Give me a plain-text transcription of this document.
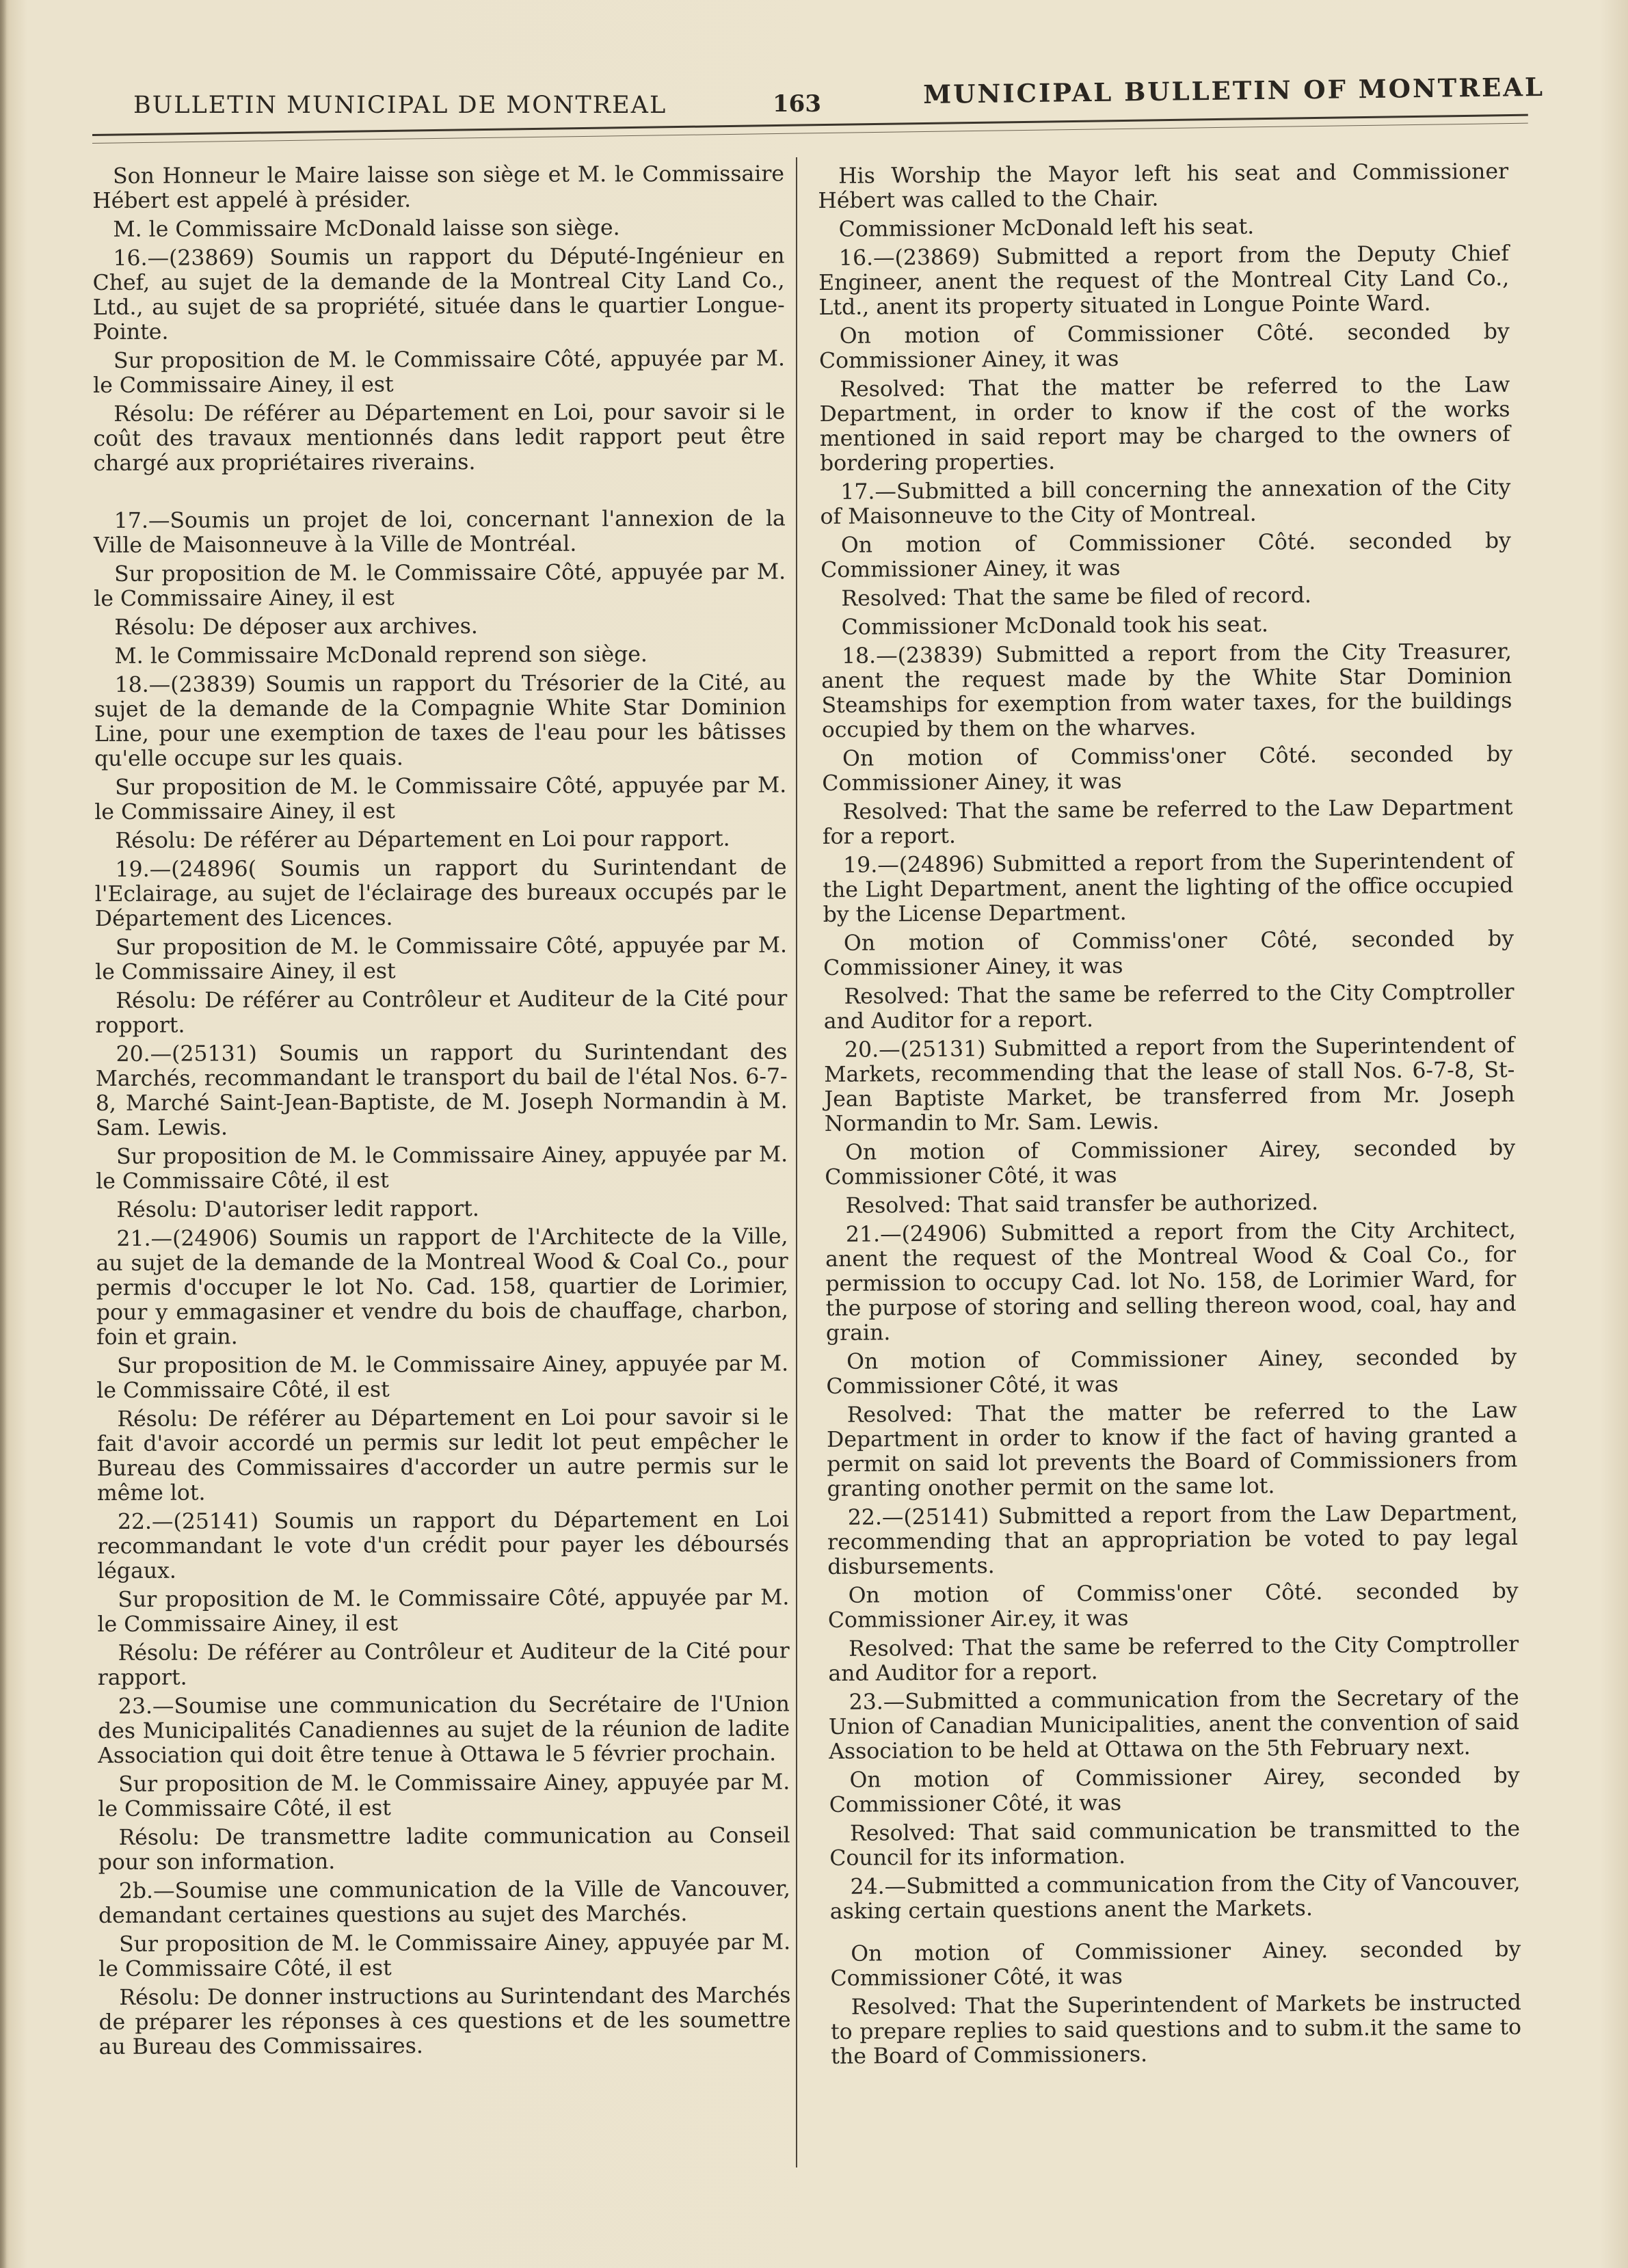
BULLETIN MUNICIPAL DE MONTREAL	163	MUNICIPAL BULLETIN OF MONTREAL

Son Honneur le Maire laisse son siège et M. le Commissaire Hébert est appelé à présider.

M. le Commissaire McDonald laisse son siège.

16.—(23869) Soumis un rapport du Député-Ingénieur en Chef, au sujet de la demande de la Montreal City Land Co., Ltd., au sujet de sa propriété, située dans le quartier Longue-Pointe.

Sur proposition de M. le Commissaire Côté, appuyée par M. le Commissaire Ainey, il est

Résolu: De référer au Département en Loi, pour savoir si le coût des travaux mentionnés dans ledit rapport peut être chargé aux propriétaires riverains.

17.—Soumis un projet de loi, concernant l'annexion de la Ville de Maisonneuve à la Ville de Montréal.

Sur proposition de M. le Commissaire Côté, appuyée par M. le Commissaire Ainey, il est

Résolu: De déposer aux archives.

M. le Commissaire McDonald reprend son siège.

18.—(23839) Soumis un rapport du Trésorier de la Cité, au sujet de la demande de la Compagnie White Star Dominion Line, pour une exemption de taxes de l'eau pour les bâtisses qu'elle occupe sur les quais.

Sur proposition de M. le Commissaire Côté, appuyée par M. le Commissaire Ainey, il est

Résolu: De référer au Département en Loi pour rapport.

19.—(24896( Soumis un rapport du Surintendant de l'Eclairage, au sujet de l'éclairage des bureaux occupés par le Département des Licences.

Sur proposition de M. le Commissaire Côté, appuyée par M. le Commissaire Ainey, il est

Résolu: De référer au Contrôleur et Auditeur de la Cité pour ropport.

20.—(25131) Soumis un rapport du Surintendant des Marchés, recommandant le transport du bail de l'étal Nos. 6-7-8, Marché Saint-Jean-Baptiste, de M. Joseph Normandin à M. Sam. Lewis.

Sur proposition de M. le Commissaire Ainey, appuyée par M. le Commissaire Côté, il est

Résolu: D'autoriser ledit rapport.

21.—(24906) Soumis un rapport de l'Architecte de la Ville, au sujet de la demande de la Montreal Wood & Coal Co., pour permis d'occuper le lot No. Cad. 158, quartier de Lorimier, pour y emmagasiner et vendre du bois de chauffage, charbon, foin et grain.

Sur proposition de M. le Commissaire Ainey, appuyée par M. le Commissaire Côté, il est

Résolu: De référer au Département en Loi pour savoir si le fait d'avoir accordé un permis sur ledit lot peut empêcher le Bureau des Commissaires d'accorder un autre permis sur le même lot.

22.—(25141) Soumis un rapport du Département en Loi recommandant le vote d'un crédit pour payer les déboursés légaux.

Sur proposition de M. le Commissaire Côté, appuyée par M. le Commissaire Ainey, il est

Résolu: De référer au Contrôleur et Auditeur de la Cité pour rapport.

23.—Soumise une communication du Secrétaire de l'Union des Municipalités Canadiennes au sujet de la réunion de ladite Association qui doit être tenue à Ottawa le 5 février prochain.

Sur proposition de M. le Commissaire Ainey, appuyée par M. le Commissaire Côté, il est

Résolu: De transmettre ladite communication au Conseil pour son information.

2b.—Soumise une communication de la Ville de Vancouver, demandant certaines questions au sujet des Marchés.

Sur proposition de M. le Commissaire Ainey, appuyée par M. le Commissaire Côté, il est

Résolu: De donner instructions au Surintendant des Marchés de préparer les réponses à ces questions et de les soumettre au Bureau des Commissaires.

His Worship the Mayor left his seat and Commissioner Hébert was called to the Chair.

Commissioner McDonald left his seat.

16.—(23869) Submitted a report from the Deputy Chief Engineer, anent the request of the Montreal City Land Co., Ltd., anent its property situated in Longue Pointe Ward.

On motion of Commissioner Côté. seconded by Commissioner Ainey, it was

Resolved: That the matter be referred to the Law Department, in order to know if the cost of the works mentioned in said report may be charged to the owners of bordering properties.

17.—Submitted a bill concerning the annexation of the City of Maisonneuve to the City of Montreal.

On motion of Commissioner Côté. seconded by Commissioner Ainey, it was

Resolved: That the same be filed of record.

Commissioner McDonald took his seat.

18.—(23839) Submitted a report from the City Treasurer, anent the request made by the White Star Dominion Steamships for exemption from water taxes, for the buildings occupied by them on the wharves.

On motion of Commiss'oner Côté. seconded by Commissioner Ainey, it was

Resolved: That the same be referred to the Law Department for a report.

19.—(24896) Submitted a report from the Superintendent of the Light Department, anent the lighting of the office occupied by the License Department.

On motion of Commiss'oner Côté, seconded by Commissioner Ainey, it was

Resolved: That the same be referred to the City Comptroller and Auditor for a report.

20.—(25131) Submitted a report from the Superintendent of Markets, recommending that the lease of stall Nos. 6-7-8, St-Jean Baptiste Market, be transferred from Mr. Joseph Normandin to Mr. Sam. Lewis.

On motion of Commissioner Airey, seconded by Commissioner Côté, it was

Resolved: That said transfer be authorized.

21.—(24906) Submitted a report from the City Architect, anent the request of the Montreal Wood & Coal Co., for permission to occupy Cad. lot No. 158, de Lorimier Ward, for the purpose of storing and selling thereon wood, coal, hay and grain.

On motion of Commissioner Ainey, seconded by Commissioner Côté, it was

Resolved: That the matter be referred to the Law Department in order to know if the fact of having granted a permit on said lot prevents the Board of Commissioners from granting onother permit on the same lot.

22.—(25141) Submitted a report from the Law Department, recommending that an appropriation be voted to pay legal disbursements.

On motion of Commiss'oner Côté. seconded by Commissioner Air.ey, it was

Resolved: That the same be referred to the City Comptroller and Auditor for a report.

23.—Submitted a communication from the Secretary of the Union of Canadian Municipalities, anent the convention of said Association to be held at Ottawa on the 5th February next.

On motion of Commissioner Airey, seconded by Commissioner Côté, it was

Resolved: That said communication be transmitted to the Council for its information.

24.—Submitted a communication from the City of Vancouver, asking certain questions anent the Markets.

On motion of Commissioner Ainey. seconded by Commissioner Côté, it was

Resolved: That the Superintendent of Markets be instructed to prepare replies to said questions and to subm.it the same to the Board of Commissioners.
